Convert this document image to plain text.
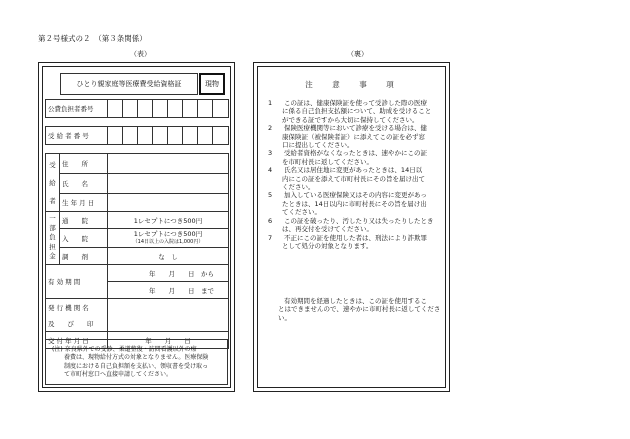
第２号様式の２　（第３条関係）
（表）	（裏）
ひとり親家庭等医療費受給資格証	現物
公費負担者番号									

受 給 者 番 号									

受
給
者	住　　所								
	氏　　名								
	生 年 月 日								

一
部
負
担
金	通　　院	1レセプトにつき500円							
	入　　院	1レセプトにつき500円
（14日以上の入院は1,000円）							

	調　　剤	な　し							
有 効 期 間		年　　月　　日　から							
		年　　月　　日　まで							
発 行 機 関 名									
及　　び　　印									
交 付 年 月 日		年　　月　　日							
(注) 奈良県外での受診、柔道整復・訪問看護以外の療
　　養費は、現物給付方式の対象となりません。医療保険
　　制度における自己負担額を支払い、領収書を受け取っ
　　て市町村窓口へ直接申請してください。
注　意　事　項
1 この証は、健康保険証を使って受診した際の医療
に係る自己負担支払額について、助成を受けること
ができる証ですから大切に保持してください。
2 保険医療機関等において診療を受ける場合は、健
康保険証（被保険者証）に添えてこの証を必ず窓
口に提出してください。
3 受給者資格がなくなったときは、速やかにこの証
を市町村長に返してください。
4 氏名又は居住地に変更があったときは、14日以
内にこの証を添えて市町村長にその旨を届け出て
ください。
5 加入している医療保険又はその内容に変更があっ
たときは、14日以内に市町村長にその旨を届け出
てください。
6 この証を破ったり、汚したり又は失ったりしたとき
は、再交付を受けてください。
7 不正にこの証を使用した者は、刑法により詐欺罪
として処分の対象となります。
有効期間を経過したときは、この証を使用するこ
とはできませんので、速やかに市町村長に返してくださ
い。
